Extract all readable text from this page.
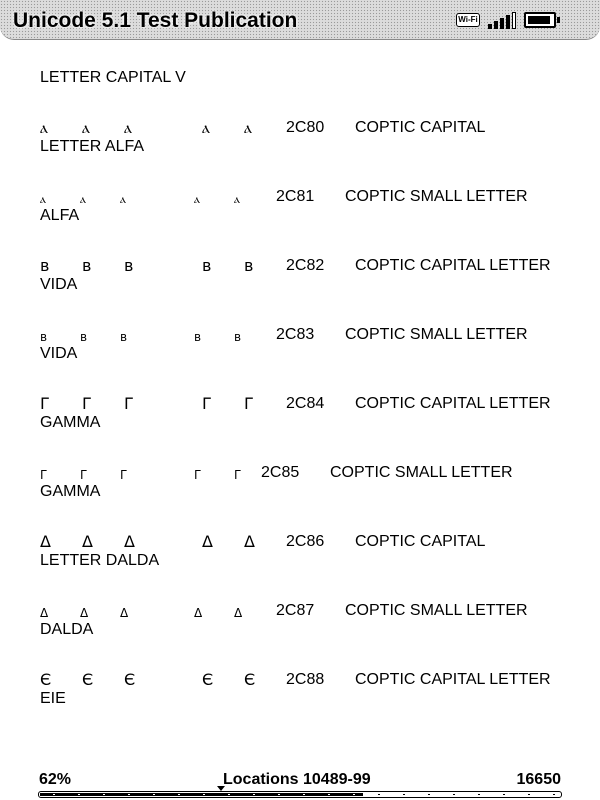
Unicode 5.1 Test Publication	Wi-Fi
LETTER CAPITAL V
ⲁ ⲁ ⲁ	ⲁ ⲁ 2C80 COPTIC CAPITAL
LETTER ALFA
ⲁ	ⲁ	ⲁ	ⲁ	ⲁ 2C81 COPTIC SMALL LETTER
ALFA
ʙ ʙ ʙ	ʙ ʙ 2C82 COPTIC CAPITAL LETTER
VIDA
ʙ	ʙ	ʙ	ʙ	ʙ 2C83 COPTIC SMALL LETTER
VIDA
Γ Γ Γ	Γ Γ 2C84 COPTIC CAPITAL LETTER
GAMMA
Γ	Γ	Γ	Γ	Γ 2C85 COPTIC SMALL LETTER
GAMMA
Δ Δ Δ	Δ Δ 2C86 COPTIC CAPITAL
LETTER DALDA
Δ	Δ	Δ	Δ	Δ 2C87 COPTIC SMALL LETTER
DALDA
Є Є Є	Є Є 2C88 COPTIC CAPITAL LETTER
EIE
62%	Locations 10489-99	16650
